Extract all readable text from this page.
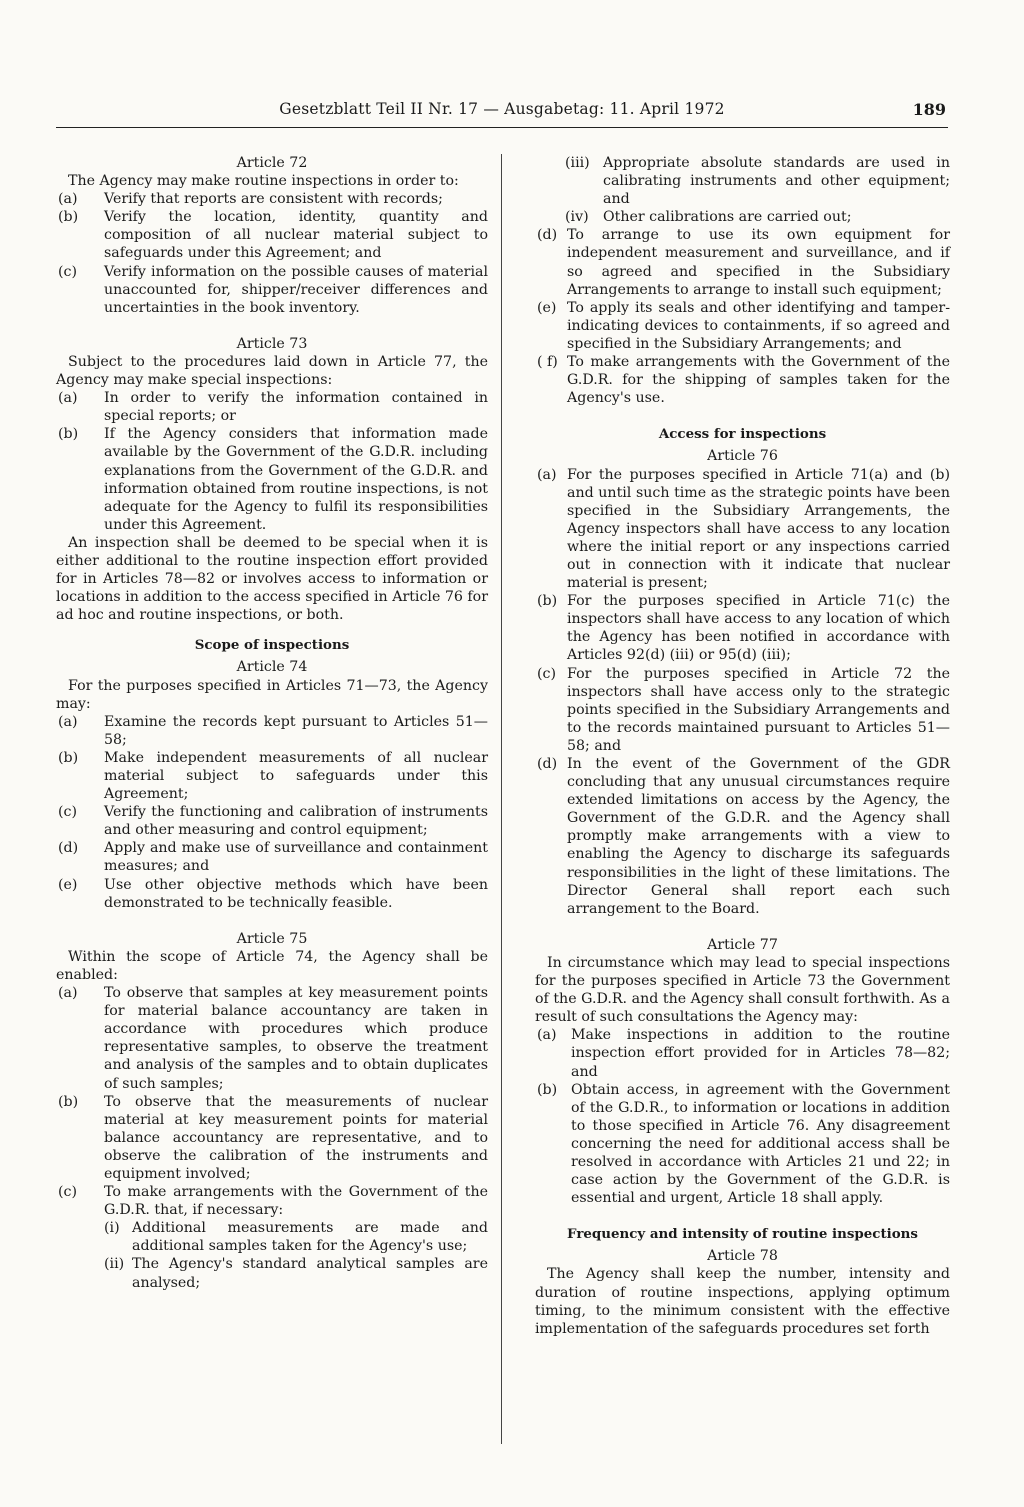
Gesetzblatt Teil II Nr. 17 — Ausgabetag: 11. April 1972	189

Article 72

The Agency may make routine inspections in order to:

(a)	Verify that reports are consistent with records;
(b)	Verify the location, identity, quantity and composition of all nuclear material subject to safeguards under this Agreement; and
(c)	Verify information on the possible causes of material unaccounted for, shipper/receiver differences and uncertainties in the book inventory.

Article 73

Subject to the procedures laid down in Article 77, the Agency may make special inspections:

(a)	In order to verify the information contained in special reports; or
(b)	If the Agency considers that information made available by the Government of the G.D.R. including explanations from the Government of the G.D.R. and information obtained from routine inspections, is not adequate for the Agency to fulfil its responsibilities under this Agreement.

An inspection shall be deemed to be special when it is either additional to the routine inspection effort provided for in Articles 78—82 or involves access to information or locations in addition to the access specified in Article 76 for ad hoc and routine inspections, or both.

Scope of inspections

Article 74

For the purposes specified in Articles 71—73, the Agency may:

(a)	Examine the records kept pursuant to Articles 51—58;
(b)	Make independent measurements of all nuclear material subject to safeguards under this Agreement;
(c)	Verify the functioning and calibration of instruments and other measuring and control equipment;
(d)	Apply and make use of surveillance and containment measures; and
(e)	Use other objective methods which have been demonstrated to be technically feasible.

Article 75

Within the scope of Article 74, the Agency shall be enabled:

(a)	To observe that samples at key measurement points for material balance accountancy are taken in accordance with procedures which produce representative samples, to observe the treatment and analysis of the samples and to obtain duplicates of such samples;
(b)	To observe that the measurements of nuclear material at key measurement points for material balance accountancy are representative, and to observe the calibration of the instruments and equipment involved;
(c)	To make arrangements with the Government of the G.D.R. that, if necessary:
(i) Additional measurements are made and additional samples taken for the Agency's use;
(ii) The Agency's standard analytical samples are analysed;
(iii) Appropriate absolute standards are used in calibrating instruments and other equipment; and
(iv)	Other calibrations are carried out;
(d) To arrange to use its own equipment for independent measurement and surveillance, and if so agreed and specified in the Subsidiary Arrangements to arrange to install such equipment;
(e) To apply its seals and other identifying and tamper-indicating devices to containments, if so agreed and specified in the Subsidiary Arrangements; and
( f) To make arrangements with the Government of the G.D.R. for the shipping of samples taken for the Agency's use.

Access for inspections

Article 76

(a) For the purposes specified in Article 71(a) and (b) and until such time as the strategic points have been specified in the Subsidiary Arrangements, the Agency inspectors shall have access to any location where the initial report or any inspections carried out in connection with it indicate that nuclear material is present;
(b) For the purposes specified in Article 71(c) the inspectors shall have access to any location of which the Agency has been notified in accordance with Articles 92(d) (iii) or 95(d) (iii);
(c) For the purposes specified in Article 72 the inspectors shall have access only to the strategic points specified in the Subsidiary Arrangements and to the records maintained pursuant to Articles 51—58; and
(d) In the event of the Government of the GDR concluding that any unusual circumstances require extended limitations on access by the Agency, the Government of the G.D.R. and the Agency shall promptly make arrangements with a view to enabling the Agency to discharge its safeguards responsibilities in the light of these limitations. The Director General shall report each such arrangement to the Board.

Article 77

In circumstance which may lead to special inspections for the purposes specified in Article 73 the Government of the G.D.R. and the Agency shall consult forthwith. As a result of such consultations the Agency may:

(a)	Make inspections in addition to the routine inspection effort provided for in Articles 78—82; and
(b) Obtain access, in agreement with the Government of the G.D.R., to information or locations in addition to those specified in Article 76. Any disagreement concerning the need for additional access shall be resolved in accordance with Articles 21 und 22; in case action by the Government of the G.D.R. is essential and urgent, Article 18 shall apply.

Frequency and intensity of routine inspections

Article 78

The Agency shall keep the number, intensity and duration of routine inspections, applying optimum timing, to the minimum consistent with the effective implementation of the safeguards procedures set forth
